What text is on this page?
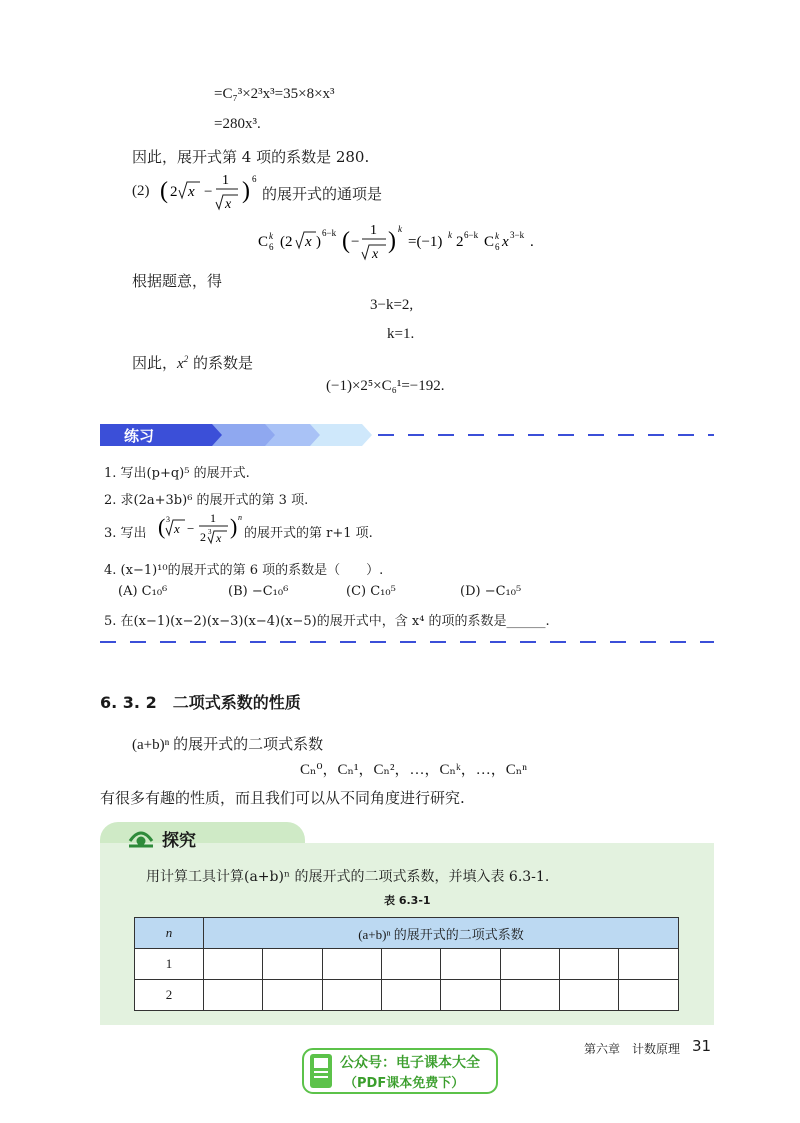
=C₇³×2³x³=35×8×x³
=280x³.
因此，展开式第 4 项的系数是 280.
(2) ( 2 x −
1
x
) 6
的展开式的通项是
C k
6 (2 x )
6−k ( −
1
x
) k
=(−1) k 2 6−k C k
6 x 3−k .
根据题意，得
3−k=2,
k=1.
因此，$x^2$ 的系数是
(−1)×2⁵×C₆¹=−192.
练习
1. 写出(p+q)⁵ 的展开式.
2. 求(2a+3b)⁶ 的展开式的第 3 项.
3. 写出 ( 3
x −
1
2 3 x ) n
的展开式的第 r+1 项.
4. (x−1)¹⁰的展开式的第 6 项的系数是（　　）.
(A) C₁₀⁶	(B) −C₁₀⁶	(C) C₁₀⁵	(D) −C₁₀⁵
5. 在(x−1)(x−2)(x−3)(x−4)(x−5)的展开式中，含 x⁴ 的项的系数是______.
6. 3. 2　二项式系数的性质
(a+b)ⁿ 的展开式的二项式系数
Cₙ⁰，Cₙ¹，Cₙ²，…，Cₙᵏ，…，Cₙⁿ
有很多有趣的性质，而且我们可以从不同角度进行研究.
探究
用计算工具计算(a+b)ⁿ 的展开式的二项式系数，并填入表 6.3-1.
表 6.3-1
n	(a+b)ⁿ 的展开式的二项式系数							
1								
2								
第六章　计数原理 31
公众号：电子课本大全
（PDF课本免费下）
